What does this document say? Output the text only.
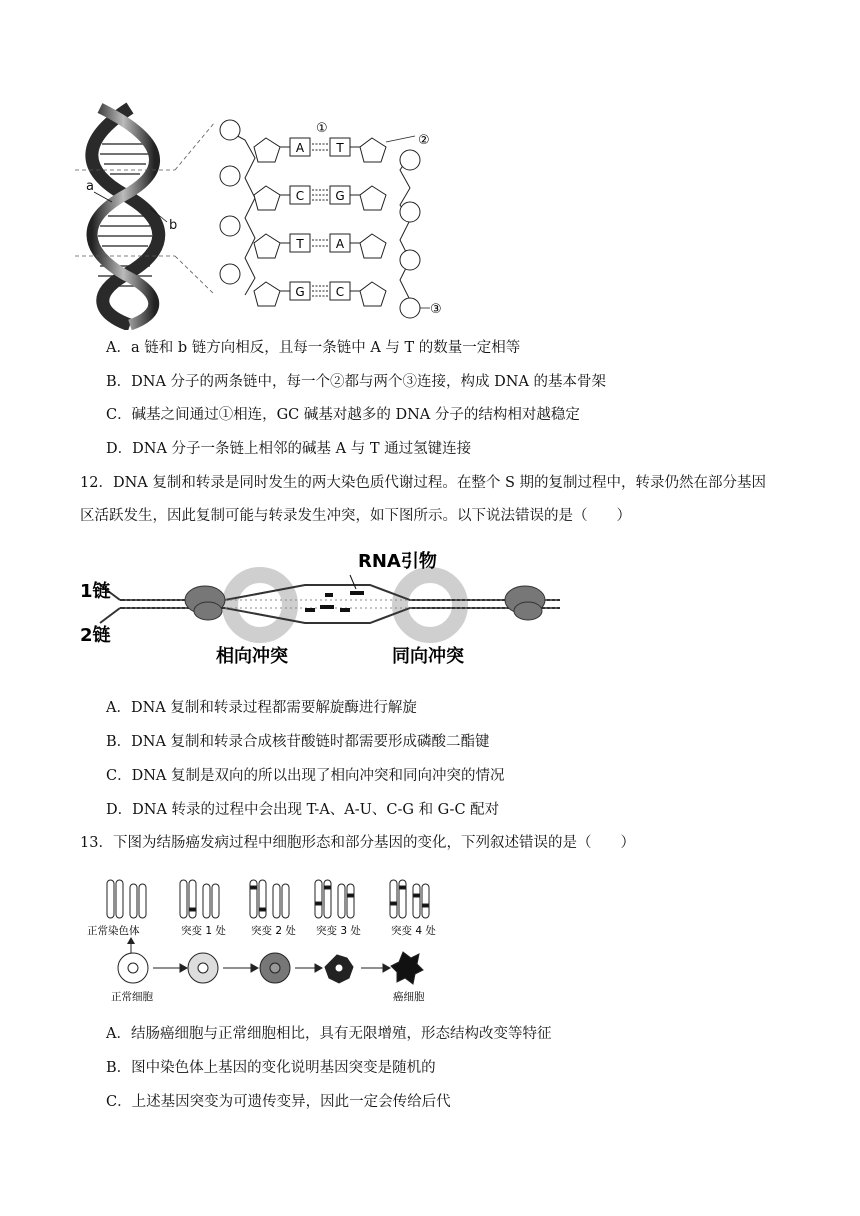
a
b
A	T
C	G
T	A
G	C
①
②
③
A．a 链和 b 链方向相反，且每一条链中 A 与 T 的数量一定相等
B．DNA 分子的两条链中，每一个②都与两个③连接，构成 DNA 的基本骨架
C．碱基之间通过①相连，GC 碱基对越多的 DNA 分子的结构相对越稳定
D．DNA 分子一条链上相邻的碱基 A 与 T 通过氢键连接
12．DNA 复制和转录是同时发生的两大染色质代谢过程。在整个 S 期的复制过程中，转录仍然在部分基因
区活跃发生，因此复制可能与转录发生冲突，如下图所示。以下说法错误的是（　　）
1链
2链
RNA引物
相向冲突	同向冲突
A．DNA 复制和转录过程都需要解旋酶进行解旋
B．DNA 复制和转录合成核苷酸链时都需要形成磷酸二酯键
C．DNA 复制是双向的所以出现了相向冲突和同向冲突的情况
D．DNA 转录的过程中会出现 T-A、A-U、C-G 和 G-C 配对
13．下图为结肠癌发病过程中细胞形态和部分基因的变化，下列叙述错误的是（　　）
正常染色体	突变 1 处 突变 2 处 突变 3 处	突变 4 处
正常细胞	癌细胞
A．结肠癌细胞与正常细胞相比，具有无限增殖，形态结构改变等特征
B．图中染色体上基因的变化说明基因突变是随机的
C．上述基因突变为可遗传变异，因此一定会传给后代
